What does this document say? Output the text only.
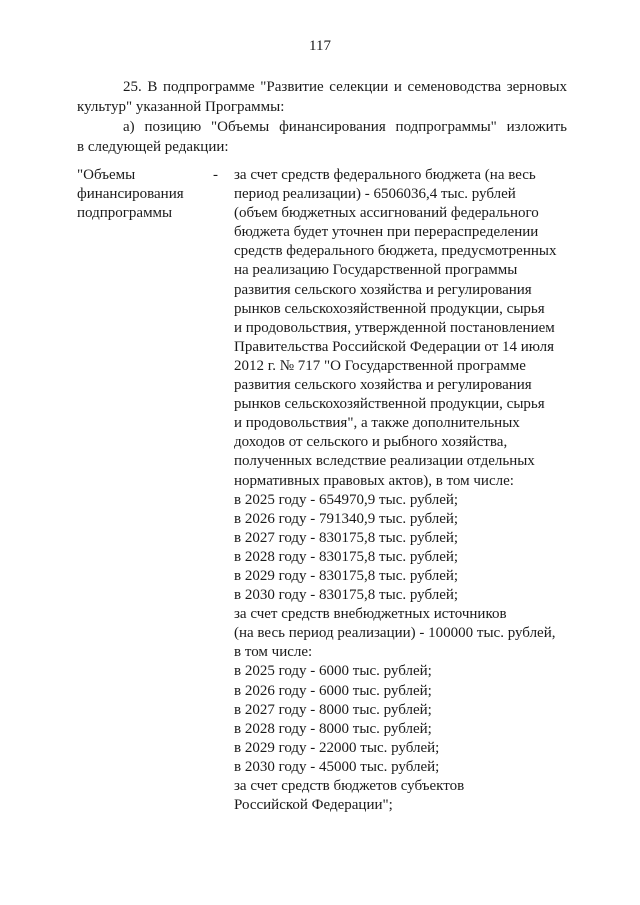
117

25. В подпрограмме "Развитие селекции и семеноводства зерновых

культур" указанной Программы:

а) позицию "Объемы финансирования подпрограммы" изложить

в следующей редакции:

"Объемы
финансирования
подпрограммы
- за счет средств федерального бюджета (на весь
период реализации) - 6506036,4 тыс. рублей
(объем бюджетных ассигнований федерального
бюджета будет уточнен при перераспределении
средств федерального бюджета, предусмотренных
на реализацию Государственной программы
развития сельского хозяйства и регулирования
рынков сельскохозяйственной продукции, сырья
и продовольствия, утвержденной постановлением
Правительства Российской Федерации от 14 июля
2012 г. № 717 "О Государственной программе
развития сельского хозяйства и регулирования
рынков сельскохозяйственной продукции, сырья
и продовольствия", а также дополнительных
доходов от сельского и рыбного хозяйства,
полученных вследствие реализации отдельных
нормативных правовых актов), в том числе:
в 2025 году - 654970,9 тыс. рублей;
в 2026 году - 791340,9 тыс. рублей;
в 2027 году - 830175,8 тыс. рублей;
в 2028 году - 830175,8 тыс. рублей;
в 2029 году - 830175,8 тыс. рублей;
в 2030 году - 830175,8 тыс. рублей;
за счет средств внебюджетных источников
(на весь период реализации) - 100000 тыс. рублей,
в том числе:
в 2025 году - 6000 тыс. рублей;
в 2026 году - 6000 тыс. рублей;
в 2027 году - 8000 тыс. рублей;
в 2028 году - 8000 тыс. рублей;
в 2029 году - 22000 тыс. рублей;
в 2030 году - 45000 тыс. рублей;
за счет средств бюджетов субъектов
Российской Федерации";
